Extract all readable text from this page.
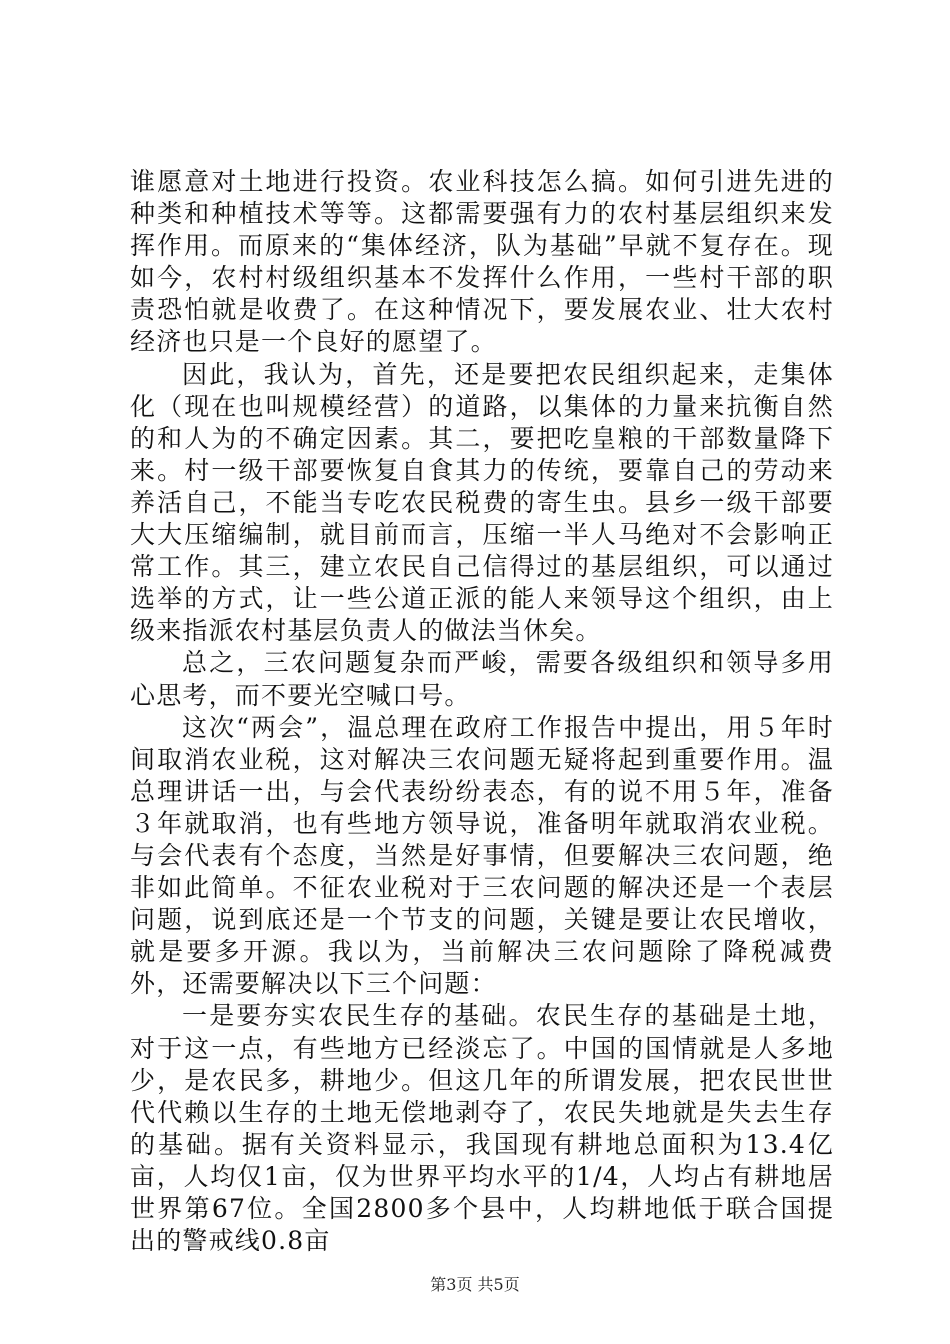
谁愿意对土地进行投资。农业科技怎么搞。如何引进先进的种类和种植技术等等。这都需要强有力的农村基层组织来发挥作用。而原来的“集体经济，队为基础”早就不复存在。现如今，农村村级组织基本不发挥什么作用，一些村干部的职责恐怕就是收费了。在这种情况下，要发展农业、壮大农村经济也只是一个良好的愿望了。

因此，我认为，首先，还是要把农民组织起来，走集体化（现在也叫规模经营）的道路，以集体的力量来抗衡自然的和人为的不确定因素。其二，要把吃皇粮的干部数量降下来。村一级干部要恢复自食其力的传统，要靠自己的劳动来养活自己，不能当专吃农民税费的寄生虫。县乡一级干部要大大压缩编制，就目前而言，压缩一半人马绝对不会影响正常工作。其三，建立农民自己信得过的基层组织，可以通过选举的方式，让一些公道正派的能人来领导这个组织，由上级来指派农村基层负责人的做法当休矣。

总之，三农问题复杂而严峻，需要各级组织和领导多用心思考，而不要光空喊口号。

这次“两会”，温总理在政府工作报告中提出，用５年时间取消农业税，这对解决三农问题无疑将起到重要作用。温总理讲话一出，与会代表纷纷表态，有的说不用５年，准备３年就取消，也有些地方领导说，准备明年就取消农业税。与会代表有个态度，当然是好事情，但要解决三农问题，绝非如此简单。不征农业税对于三农问题的解决还是一个表层问题，说到底还是一个节支的问题，关键是要让农民增收，就是要多开源。我以为，当前解决三农问题除了降税减费外，还需要解决以下三个问题：

一是要夯实农民生存的基础。农民生存的基础是土地，对于这一点，有些地方已经淡忘了。中国的国情就是人多地少，是农民多，耕地少。但这几年的所谓发展，把农民世世代代赖以生存的土地无偿地剥夺了，农民失地就是失去生存的基础。据有关资料显示，我国现有耕地总面积为13.4亿亩，人均仅1亩，仅为世界平均水平的1/4，人均占有耕地居世界第67位。全国2800多个县中，人均耕地低于联合国提出的警戒线0.8亩

第3页 共5页
